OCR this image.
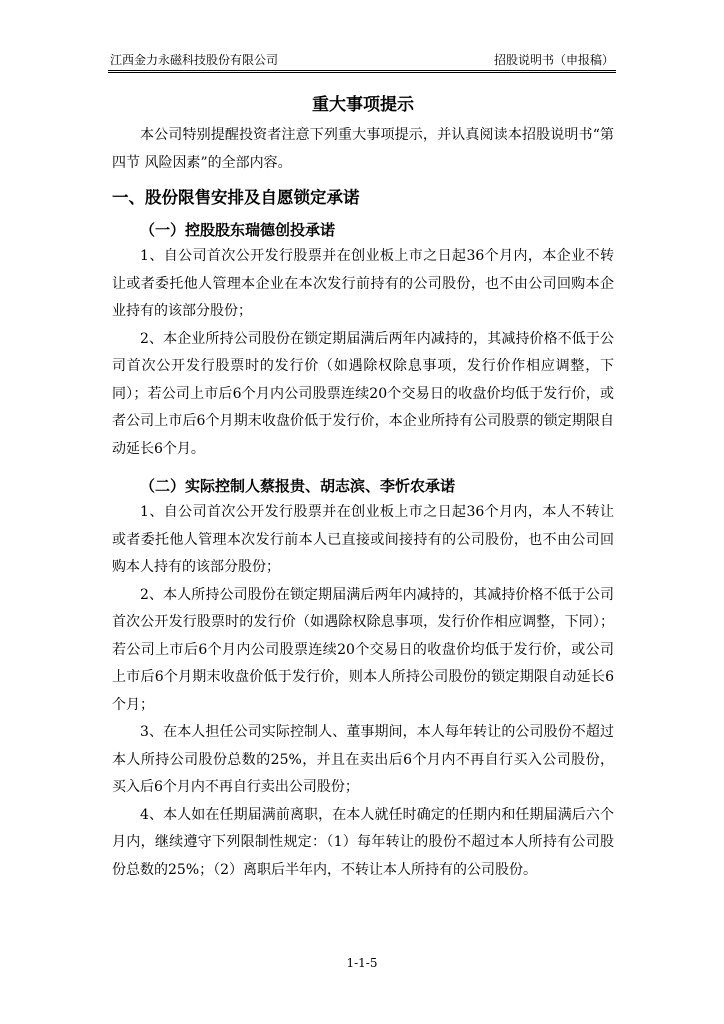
江西金力永磁科技股份有限公司	招股说明书（申报稿）
重大事项提示

本公司特别提醒投资者注意下列重大事项提示，并认真阅读本招股说明书“第四节 风险因素”的全部内容。

一、股份限售安排及自愿锁定承诺
（一）控股股东瑞德创投承诺

1、自公司首次公开发行股票并在创业板上市之日起36个月内，本企业不转让或者委托他人管理本企业在本次发行前持有的公司股份，也不由公司回购本企业持有的该部分股份；

2、本企业所持公司股份在锁定期届满后两年内减持的，其减持价格不低于公司首次公开发行股票时的发行价（如遇除权除息事项，发行价作相应调整，下同）；若公司上市后6个月内公司股票连续20个交易日的收盘价均低于发行价，或者公司上市后6个月期末收盘价低于发行价，本企业所持有公司股票的锁定期限自动延长6个月。

（二）实际控制人蔡报贵、胡志滨、李忻农承诺

1、自公司首次公开发行股票并在创业板上市之日起36个月内，本人不转让或者委托他人管理本次发行前本人已直接或间接持有的公司股份，也不由公司回购本人持有的该部分股份；

2、本人所持公司股份在锁定期届满后两年内减持的，其减持价格不低于公司首次公开发行股票时的发行价（如遇除权除息事项，发行价作相应调整，下同）；若公司上市后6个月内公司股票连续20个交易日的收盘价均低于发行价，或公司上市后6个月期末收盘价低于发行价，则本人所持公司股份的锁定期限自动延长6个月；

3、在本人担任公司实际控制人、董事期间，本人每年转让的公司股份不超过本人所持公司股份总数的25%，并且在卖出后6个月内不再自行买入公司股份，买入后6个月内不再自行卖出公司股份；

4、本人如在任期届满前离职，在本人就任时确定的任期内和任期届满后六个月内，继续遵守下列限制性规定：（1）每年转让的股份不超过本人所持有公司股份总数的25%；（2）离职后半年内，不转让本人所持有的公司股份。

1-1-5
